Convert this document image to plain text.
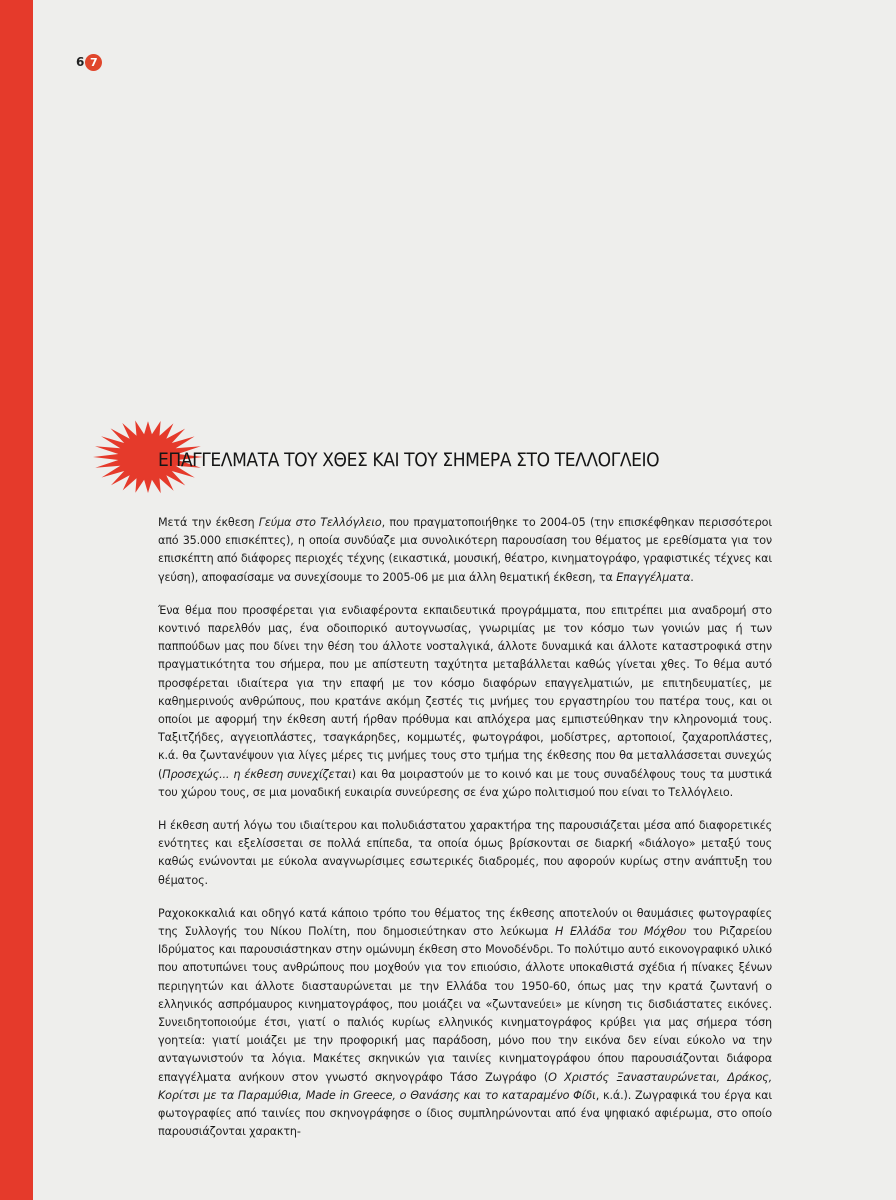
6 7
ΕΠΑΓΓΕΛΜΑΤΑ ΤΟΥ ΧΘΕΣ ΚΑΙ ΤΟΥ ΣΗΜΕΡΑ ΣΤΟ ΤΕΛΛΟΓΛΕΙΟ

Μετά την έκθεση Γεύμα στο Τελλόγλειο, που πραγματοποιήθηκε το 2004-05 (την επισκέφθηκαν περισσότεροι από 35.000 επισκέπτες), η οποία συνδύαζε μια συνολικότερη παρουσίαση του θέματος με ερεθίσματα για τον επισκέπτη από διάφορες περιοχές τέχνης (εικαστικά, μουσική, θέατρο, κινηματογράφο, γραφιστικές τέχνες και γεύση), αποφασίσαμε να συνεχίσουμε το 2005-06 με μια άλλη θεματική έκθεση, τα Επαγγέλματα.

Ένα θέμα που προσφέρεται για ενδιαφέροντα εκπαιδευτικά προγράμματα, που επιτρέπει μια αναδρομή στο κοντινό παρελθόν μας, ένα οδοιπορικό αυτογνωσίας, γνωριμίας με τον κόσμο των γονιών μας ή των παππούδων μας που δίνει την θέση του άλλοτε νοσταλγικά, άλλοτε δυναμικά και άλλοτε καταστροφικά στην πραγματικότητα του σήμερα, που με απίστευτη ταχύτητα μεταβάλλεται καθώς γίνεται χθες. Το θέμα αυτό προσφέρεται ιδιαίτερα για την επαφή με τον κόσμο διαφόρων επαγγελματιών, με επιτηδευματίες, με καθημερινούς ανθρώπους, που κρατάνε ακόμη ζεστές τις μνήμες του εργαστηρίου του πατέρα τους, και οι οποίοι με αφορμή την έκθεση αυτή ήρθαν πρόθυμα και απλόχερα μας εμπιστεύθηκαν την κληρονομιά τους. Ταξιτζήδες, αγγειοπλάστες, τσαγκάρηδες, κομμωτές, φωτογράφοι, μοδίστρες, αρτοποιοί, ζαχαροπλάστες, κ.ά. θα ζωντανέψουν για λίγες μέρες τις μνήμες τους στο τμήμα της έκθεσης που θα μεταλλάσσεται συνεχώς (Προσεχώς... η έκθεση συνεχίζεται) και θα μοιραστούν με το κοινό και με τους συναδέλφους τους τα μυστικά του χώρου τους, σε μια μοναδική ευκαιρία συνεύρεσης σε ένα χώρο πολιτισμού που είναι το Τελλόγλειο.

Η έκθεση αυτή λόγω του ιδιαίτερου και πολυδιάστατου χαρακτήρα της παρουσιάζεται μέσα από διαφορετικές ενότητες και εξελίσσεται σε πολλά επίπεδα, τα οποία όμως βρίσκονται σε διαρκή «διάλογο» μεταξύ τους καθώς ενώνονται με εύκολα αναγνωρίσιμες εσωτερικές διαδρομές, που αφορούν κυρίως στην ανάπτυξη του θέματος.

Ραχοκοκκαλιά και οδηγό κατά κάποιο τρόπο του θέματος της έκθεσης αποτελούν οι θαυμάσιες φωτογραφίες της Συλλογής του Νίκου Πολίτη, που δημοσιεύτηκαν στο λεύκωμα Η Ελλάδα του Μόχθου του Ριζαρείου Ιδρύματος και παρουσιάστηκαν στην ομώνυμη έκθεση στο Μονοδένδρι. Το πολύτιμο αυτό εικονογραφικό υλικό που αποτυπώνει τους ανθρώπους που μοχθούν για τον επιούσιο, άλλοτε υποκαθιστά σχέδια ή πίνακες ξένων περιηγητών και άλλοτε διασταυρώνεται με την Ελλάδα του 1950-60, όπως μας την κρατά ζωντανή ο ελληνικός ασπρόμαυρος κινηματογράφος, που μοιάζει να «ζωντανεύει» με κίνηση τις δισδιάστατες εικόνες. Συνειδητοποιούμε έτσι, γιατί ο παλιός κυρίως ελληνικός κινηματογράφος κρύβει για μας σήμερα τόση γοητεία: γιατί μοιάζει με την προφορική μας παράδοση, μόνο που την εικόνα δεν είναι εύκολο να την ανταγωνιστούν τα λόγια. Μακέτες σκηνικών για ταινίες κινηματογράφου όπου παρουσιάζονται διάφορα επαγγέλματα ανήκουν στον γνωστό σκηνογράφο Τάσο Ζωγράφο (Ο Χριστός Ξανασταυρώνεται, Δράκος, Κορίτσι με τα Παραμύθια, Made in Greece, ο Θανάσης και το καταραμένο Φίδι, κ.ά.). Ζωγραφικά του έργα και φωτογραφίες από ταινίες που σκηνογράφησε ο ίδιος συμπληρώνονται από ένα ψηφιακό αφιέρωμα, στο οποίο παρουσιάζονται χαρακτη-
